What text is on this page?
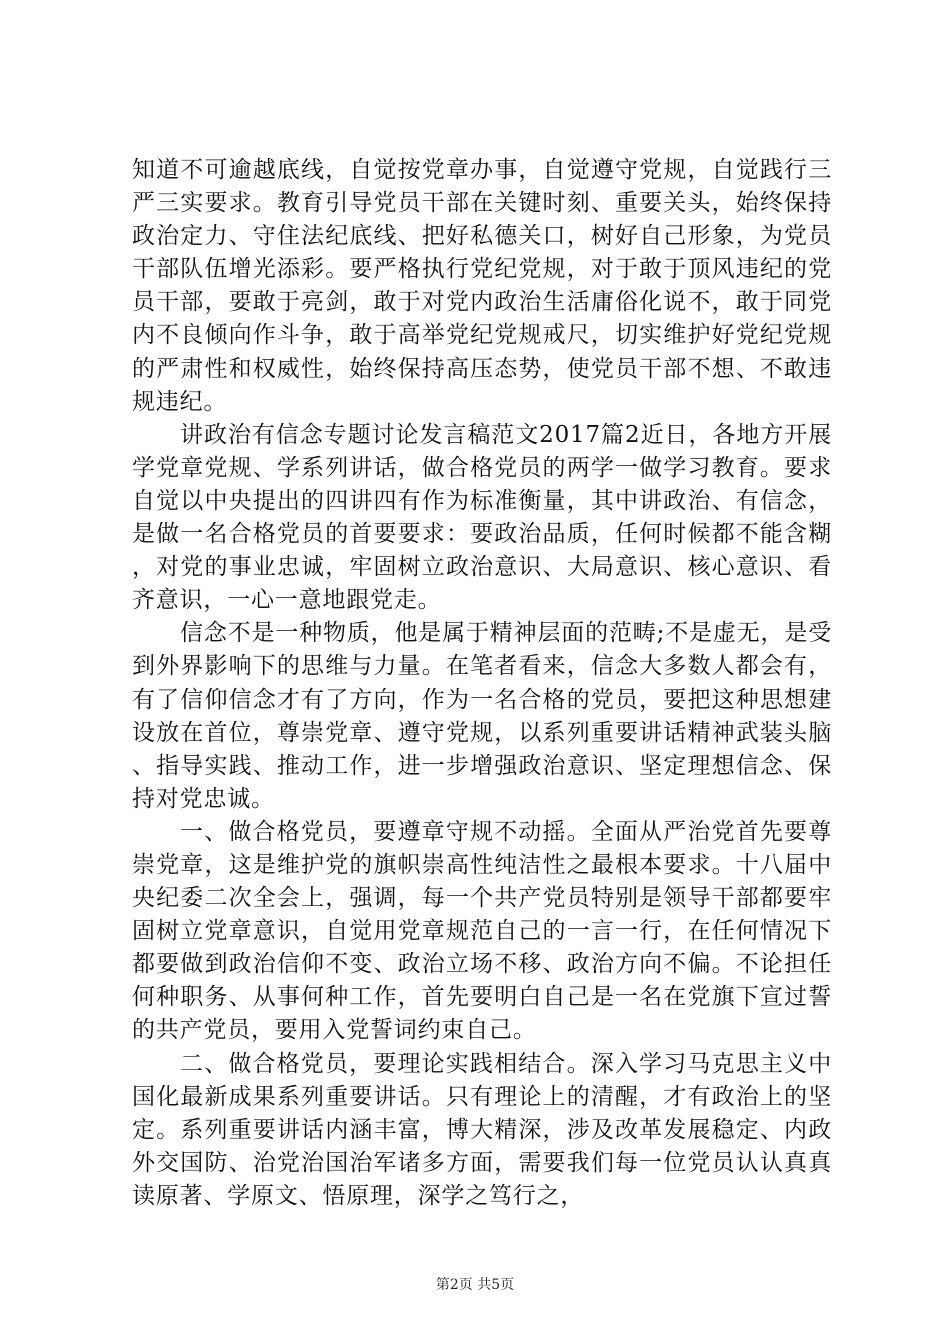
知道不可逾越底线，自觉按党章办事，自觉遵守党规，自觉践行三严三实要求。教育引导党员干部在关键时刻、重要关头，始终保持政治定力、守住法纪底线、把好私德关口，树好自己形象，为党员干部队伍增光添彩。要严格执行党纪党规，对于敢于顶风违纪的党员干部，要敢于亮剑，敢于对党内政治生活庸俗化说不，敢于同党内不良倾向作斗争，敢于高举党纪党规戒尺，切实维护好党纪党规的严肃性和权威性，始终保持高压态势，使党员干部不想、不敢违规违纪。

讲政治有信念专题讨论发言稿范文2017篇2近日，各地方开展学党章党规、学系列讲话，做合格党员的两学一做学习教育。要求自觉以中央提出的四讲四有作为标准衡量，其中讲政治、有信念，是做一名合格党员的首要要求：要政治品质，任何时候都不能含糊，对党的事业忠诚，牢固树立政治意识、大局意识、核心意识、看齐意识，一心一意地跟党走。

信念不是一种物质，他是属于精神层面的范畴;不是虚无，是受到外界影响下的思维与力量。在笔者看来，信念大多数人都会有，有了信仰信念才有了方向，作为一名合格的党员，要把这种思想建设放在首位，尊崇党章、遵守党规，以系列重要讲话精神武装头脑、指导实践、推动工作，进一步增强政治意识、坚定理想信念、保持对党忠诚。

一、做合格党员，要遵章守规不动摇。全面从严治党首先要尊崇党章，这是维护党的旗帜崇高性纯洁性之最根本要求。十八届中央纪委二次全会上，强调，每一个共产党员特别是领导干部都要牢固树立党章意识，自觉用党章规范自己的一言一行，在任何情况下都要做到政治信仰不变、政治立场不移、政治方向不偏。不论担任何种职务、从事何种工作，首先要明白自己是一名在党旗下宣过誓的共产党员，要用入党誓词约束自己。

二、做合格党员，要理论实践相结合。深入学习马克思主义中国化最新成果系列重要讲话。只有理论上的清醒，才有政治上的坚定。系列重要讲话内涵丰富，博大精深，涉及改革发展稳定、内政外交国防、治党治国治军诸多方面，需要我们每一位党员认认真真读原著、学原文、悟原理，深学之笃行之，

第2页 共5页
